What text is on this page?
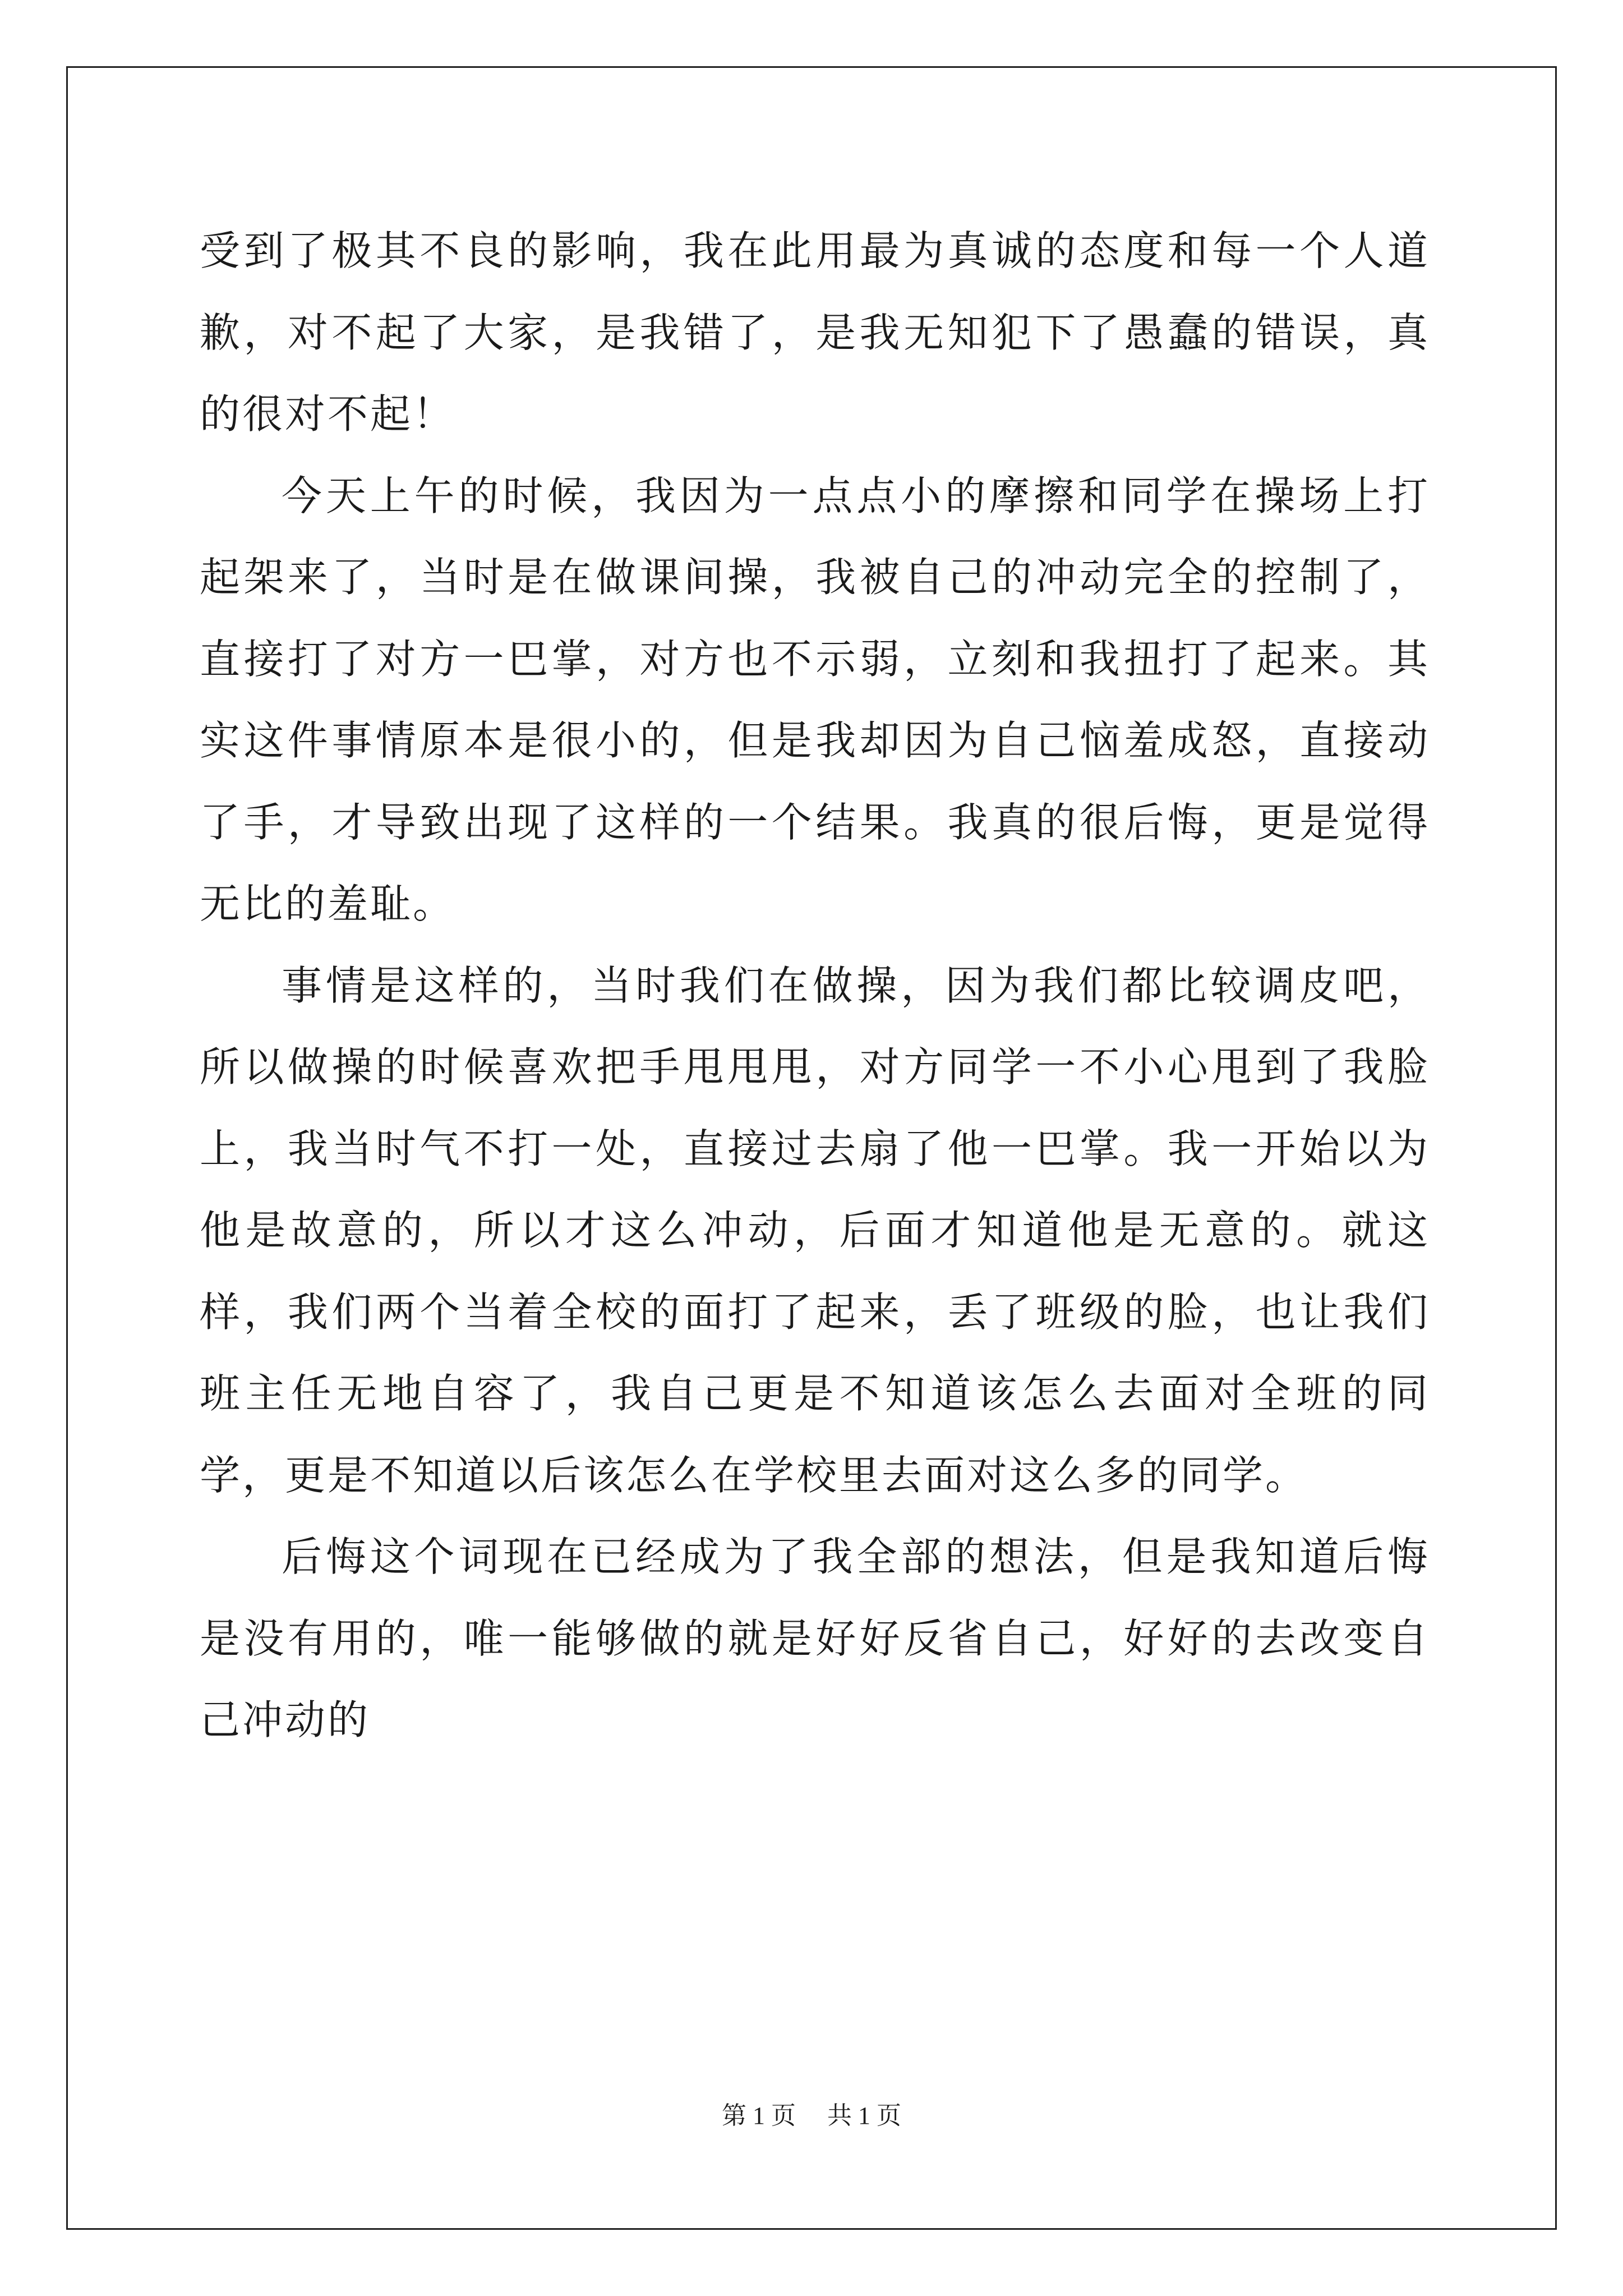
受到了极其不良的影响，我在此用最为真诚的态度和每一个人道歉，对不起了大家，是我错了，是我无知犯下了愚蠢的错误，真的很对不起！

今天上午的时候，我因为一点点小的摩擦和同学在操场上打起架来了，当时是在做课间操，我被自己的冲动完全的控制了，直接打了对方一巴掌，对方也不示弱，立刻和我扭打了起来。其实这件事情原本是很小的，但是我却因为自己恼羞成怒，直接动了手，才导致出现了这样的一个结果。我真的很后悔，更是觉得无比的羞耻。

事情是这样的，当时我们在做操，因为我们都比较调皮吧，所以做操的时候喜欢把手甩甩甩，对方同学一不小心甩到了我脸上，我当时气不打一处，直接过去扇了他一巴掌。我一开始以为他是故意的，所以才这么冲动，后面才知道他是无意的。就这样，我们两个当着全校的面打了起来，丢了班级的脸，也让我们班主任无地自容了，我自己更是不知道该怎么去面对全班的同学，更是不知道以后该怎么在学校里去面对这么多的同学。

后悔这个词现在已经成为了我全部的想法，但是我知道后悔是没有用的，唯一能够做的就是好好反省自己，好好的去改变自己冲动的

第 1 页 共 1 页
